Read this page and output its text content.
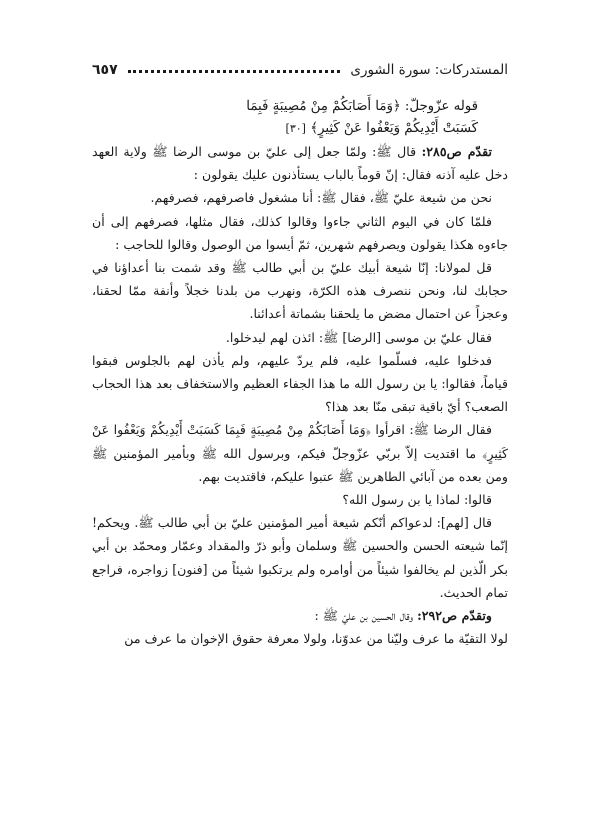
المستدركات: سورة الشورى
٦٥٧
قوله عزّوجلّ: ﴿وَمَا أَصَابَكُمْ مِنْ مُصِيبَةٍ فَبِمَا
كَسَبَتْ أَيْدِيكُمْ وَيَعْفُوا عَنْ كَثِيرٍ﴾ [٣٠]

تقدّم ص٢٨٥: قال ﷺ: ولمّا جعل إلى عليّ بن موسى الرضا ﷺ ولاية العهد دخل عليه آذنه فقال: إنّ قوماً بالباب يستأذنون عليك يقولون :

نحن من شيعة عليّ ﷺ، فقال ﷺ: أنا مشغول فاصرفهم، فصرفهم.

فلمّا كان في اليوم الثاني جاءوا وقالوا كذلك، فقال مثلها، فصرفهم إلى أن جاءوه هكذا يقولون ويصرفهم شهرين، ثمّ أيسوا من الوصول وقالوا للحاجب :

قل لمولانا: إنّا شيعة أبيك عليّ بن أبي طالب ﷺ وقد شمت بنا أعداؤنا في حجابك لنا، ونحن ننصرف هذه الكرّة، ونهرب من بلدنا خجلاً وأنفة ممّا لحقنا، وعجزاً عن احتمال مضض ما يلحقنا بشماتة أعدائنا.

فقال عليّ بن موسى [الرضا] ﷺ: ائذن لهم ليدخلوا.

فدخلوا عليه، فسلّموا عليه، فلم يردّ عليهم، ولم يأذن لهم بالجلوس فبقوا قياماً، فقالوا: يا بن رسول الله ما هذا الجفاء العظيم والاستخفاف بعد هذا الحجاب الصعب؟ أيّ باقية تبقى منّا بعد هذا؟

فقال الرضا ﷺ: اقرأوا ﴿وَمَا أَصَابَكُمْ مِنْ مُصِيبَةٍ فَبِمَا كَسَبَتْ أَيْدِيكُمْ وَيَعْفُوا عَنْ كَثِيرٍ﴾ ما اقتديت إلاّ بربّي عزّوجلّ فيكم، وبرسول الله ﷺ وبأمير المؤمنين ﷺ ومن بعده من آبائي الطاهرين ﷺ عتبوا عليكم، فاقتديت بهم.

قالوا: لماذا يا بن رسول الله؟

قال [لهم]: لدعواكم أنّكم شيعة أمير المؤمنين عليّ بن أبي طالب ﷺ. ويحكم! إنّما شيعته الحسن والحسين ﷺ وسلمان وأبو ذرّ والمقداد وعمّار ومحمّد بن أبي بكر الّذين لم يخالفوا شيئاً من أوامره ولم يرتكبوا شيئاً من [فنون] زواجره، فراجع تمام الحديث.

وتقدّم ص٢٩٢: وقال الحسين بن عليّ ﷺ :

لولا التقيّة ما عرف وليّنا من عدوّنا، ولولا معرفة حقوق الإخوان ما عرف من
